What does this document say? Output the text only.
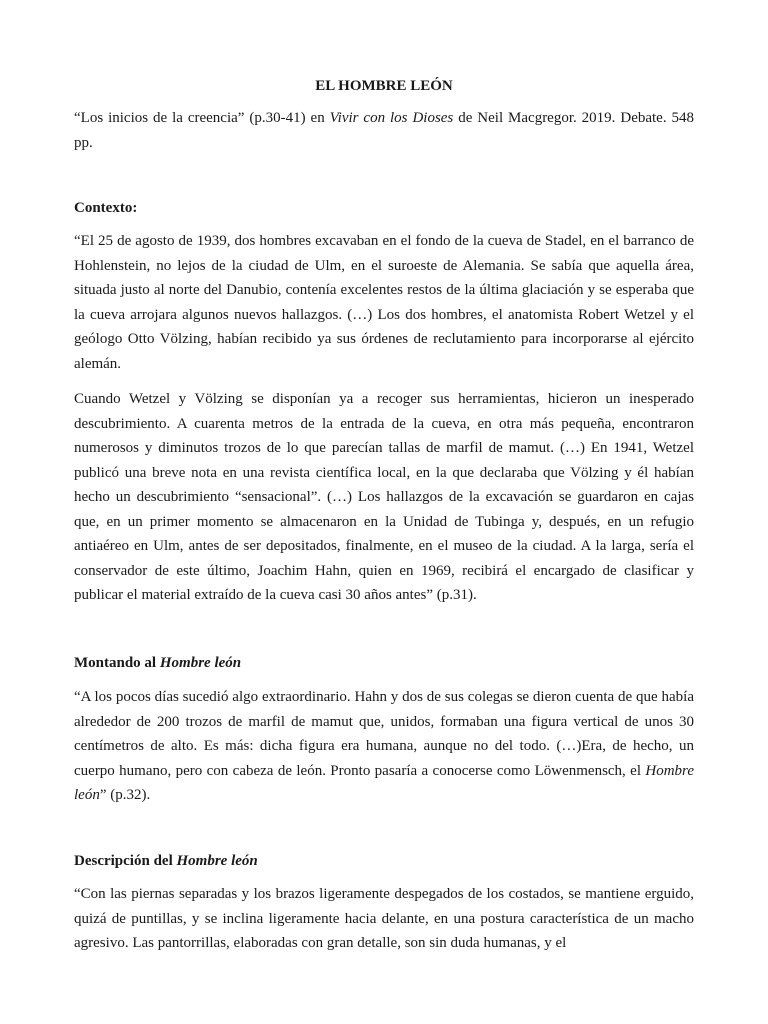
EL HOMBRE LEÓN

“Los inicios de la creencia” (p.30-41) en Vivir con los Dioses de Neil Macgregor. 2019. Debate. 548 pp.

Contexto:

“El 25 de agosto de 1939, dos hombres excavaban en el fondo de la cueva de Stadel, en el barranco de Hohlenstein, no lejos de la ciudad de Ulm, en el suroeste de Alemania. Se sabía que aquella área, situada justo al norte del Danubio, contenía excelentes restos de la última glaciación y se esperaba que la cueva arrojara algunos nuevos hallazgos. (…) Los dos hombres, el anatomista Robert Wetzel y el geólogo Otto Völzing, habían recibido ya sus órdenes de reclutamiento para incorporarse al ejército alemán.

Cuando Wetzel y Völzing se disponían ya a recoger sus herramientas, hicieron un inesperado descubrimiento. A cuarenta metros de la entrada de la cueva, en otra más pequeña, encontraron numerosos y diminutos trozos de lo que parecían tallas de marfil de mamut. (…) En 1941, Wetzel publicó una breve nota en una revista científica local, en la que declaraba que Völzing y él habían hecho un descubrimiento “sensacional”. (…) Los hallazgos de la excavación se guardaron en cajas que, en un primer momento se almacenaron en la Unidad de Tubinga y, después, en un refugio antiaéreo en Ulm, antes de ser depositados, finalmente, en el museo de la ciudad. A la larga, sería el conservador de este último, Joachim Hahn, quien en 1969, recibirá el encargado de clasificar y publicar el material extraído de la cueva casi 30 años antes” (p.31).

Montando al Hombre león

“A los pocos días sucedió algo extraordinario. Hahn y dos de sus colegas se dieron cuenta de que había alrededor de 200 trozos de marfil de mamut que, unidos, formaban una figura vertical de unos 30 centímetros de alto. Es más: dicha figura era humana, aunque no del todo. (…)Era, de hecho, un cuerpo humano, pero con cabeza de león. Pronto pasaría a conocerse como Löwenmensch, el Hombre león” (p.32).

Descripción del Hombre león

“Con las piernas separadas y los brazos ligeramente despegados de los costados, se mantiene erguido, quizá de puntillas, y se inclina ligeramente hacia delante, en una postura característica de un macho agresivo. Las pantorrillas, elaboradas con gran detalle, son sin duda humanas, y el
